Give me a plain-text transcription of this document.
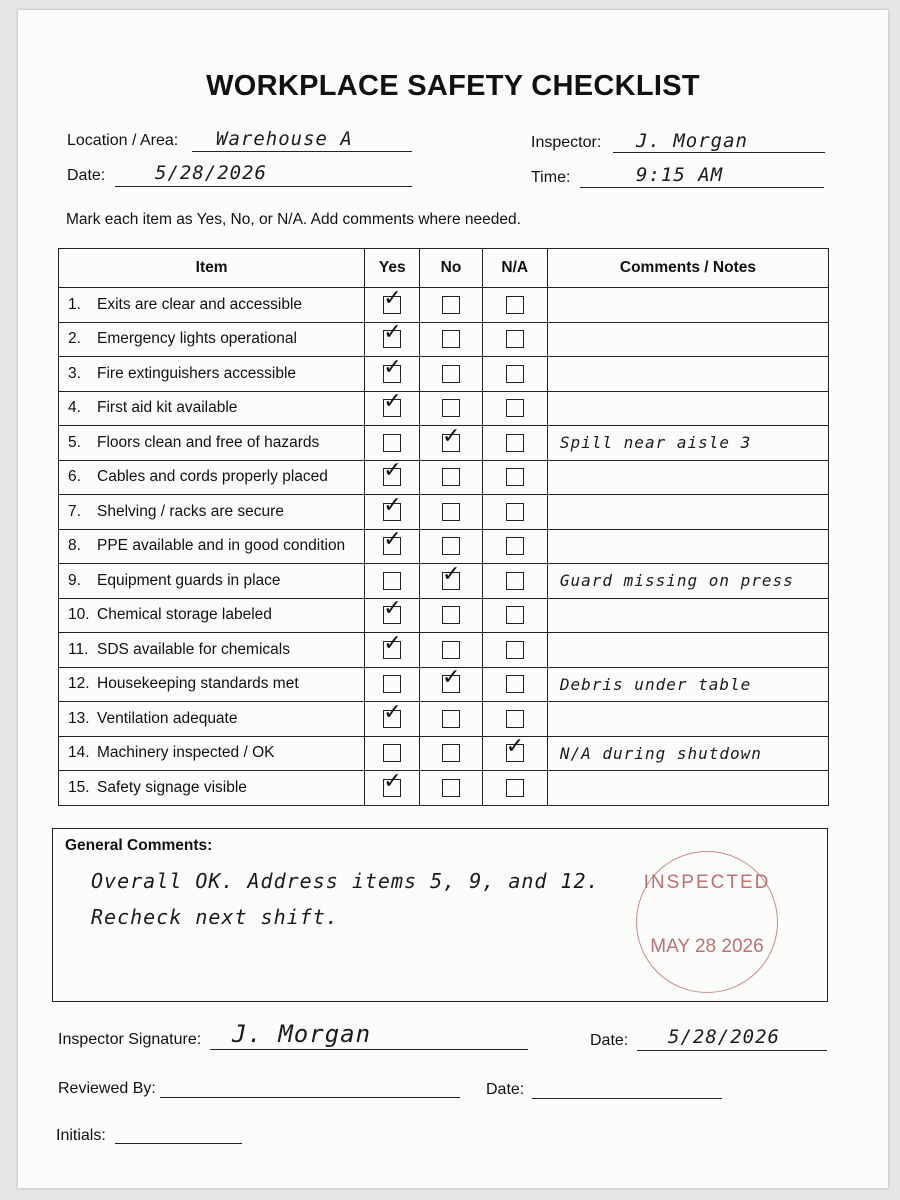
WORKPLACE SAFETY CHECKLIST
Location / Area: Warehouse A	Inspector: J. Morgan
Date:	5/28/2026	Time:	9:15 AM
Mark each item as Yes, No, or N/A. Add comments where needed.
Item	Yes	No	N/A	Comments / Notes
1. Exits are clear and accessible	✓			

2. Emergency lights operational	✓			

3. Fire extinguishers accessible	✓			

4. First aid kit available	✓			

5. Floors clean and free of hazards		✓		Spill near aisle 3
6. Cables and cords properly placed	✓			

7. Shelving / racks are secure	✓			

8. PPE available and in good condition	✓			

9. Equipment guards in place		✓		Guard missing on press
10. Chemical storage labeled	✓			

11. SDS available for chemicals	✓			

12. Housekeeping standards met		✓		Debris under table
13. Ventilation adequate	✓			

14. Machinery inspected / OK			✓	N/A during shutdown
15. Safety signage visible	✓			

General Comments:
Overall OK. Address items 5, 9, and 12.
Recheck next shift.
INSPECTED
MAY 28 2026
Inspector Signature: J. Morgan	Date: 5/28/2026
Reviewed By:	Date:
Initials:
